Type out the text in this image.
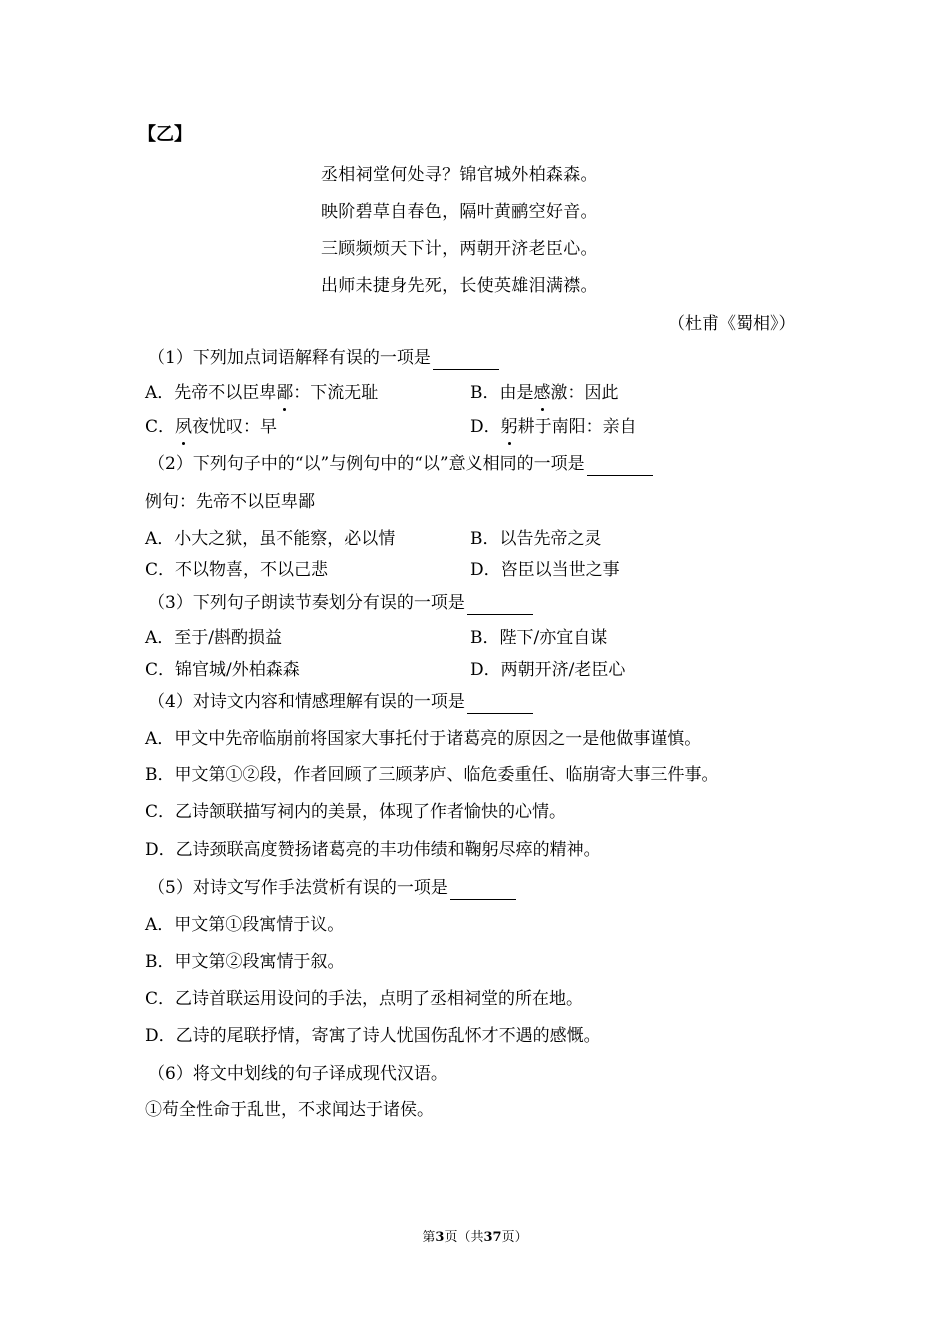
【乙】
丞相祠堂何处寻？锦官城外柏森森。
映阶碧草自春色，隔叶黄鹂空好音。
三顾频烦天下计，两朝开济老臣心。
出师未捷身先死，长使英雄泪满襟。
（杜甫《蜀相》）
（1）下列加点词语解释有误的一项是
A．先帝不以臣卑鄙：下流无耻	B．由是感激：因此
C．夙夜忧叹：早	D．躬耕于南阳：亲自
（2）下列句子中的“以”与例句中的“以”意义相同的一项是
例句：先帝不以臣卑鄙
A．小大之狱，虽不能察，必以情	B．以告先帝之灵
C．不以物喜，不以己悲	D．咨臣以当世之事
（3）下列句子朗读节奏划分有误的一项是
A．至于/斟酌损益	B．陛下/亦宜自谋
C．锦官城/外柏森森	D．两朝开济/老臣心
（4）对诗文内容和情感理解有误的一项是
A．甲文中先帝临崩前将国家大事托付于诸葛亮的原因之一是他做事谨慎。
B．甲文第①②段，作者回顾了三顾茅庐、临危委重任、临崩寄大事三件事。
C．乙诗颔联描写祠内的美景，体现了作者愉快的心情。
D．乙诗颈联高度赞扬诸葛亮的丰功伟绩和鞠躬尽瘁的精神。
（5）对诗文写作手法赏析有误的一项是
A．甲文第①段寓情于议。
B．甲文第②段寓情于叙。
C．乙诗首联运用设问的手法，点明了丞相祠堂的所在地。
D．乙诗的尾联抒情，寄寓了诗人忧国伤乱怀才不遇的感慨。
（6）将文中划线的句子译成现代汉语。
①苟全性命于乱世，不求闻达于诸侯。
第3页（共37页）
